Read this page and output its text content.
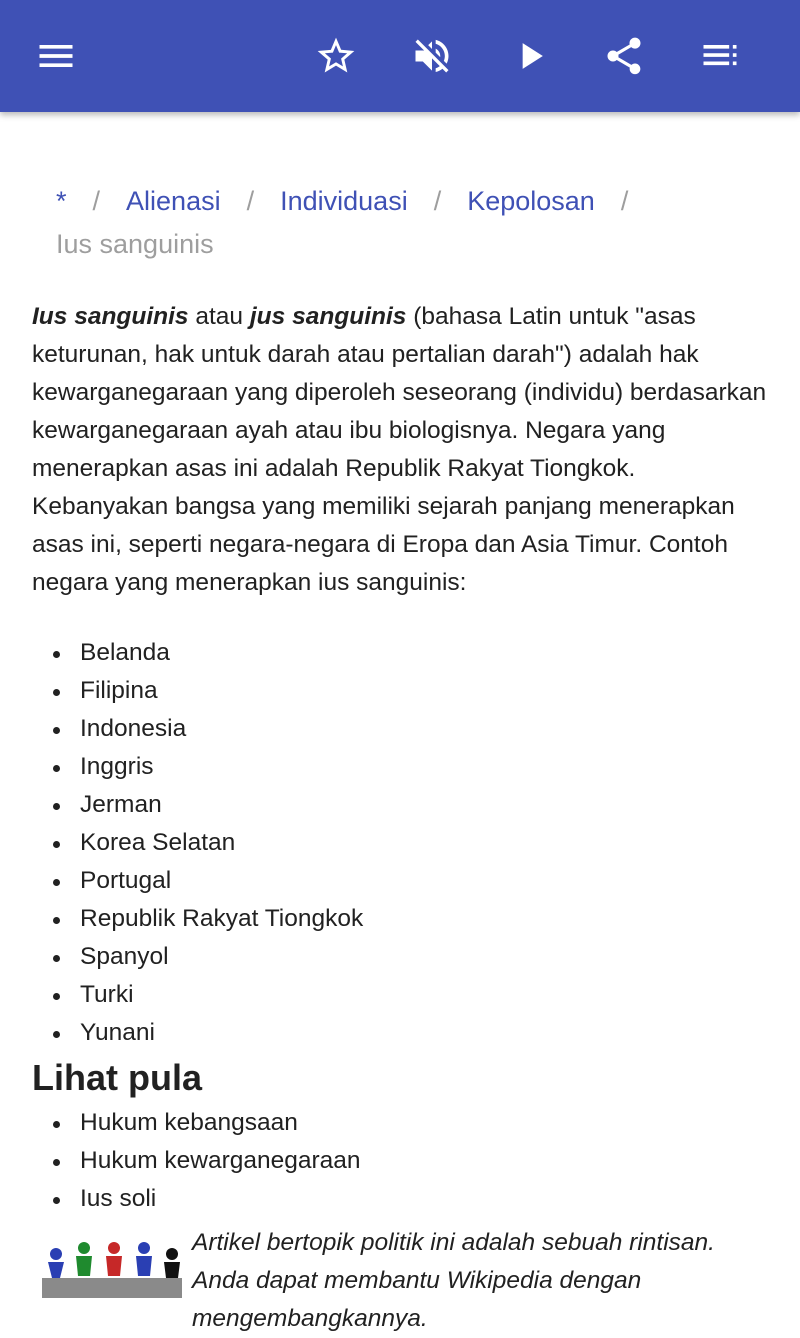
* / Alienasi / Individuasi / Kepolosan /
Ius sanguinis

Ius sanguinis atau jus sanguinis (bahasa Latin untuk "asas keturunan, hak untuk darah atau pertalian darah") adalah hak kewarganegaraan yang diperoleh seseorang (individu) berdasarkan kewarganegaraan ayah atau ibu biologisnya. Negara yang menerapkan asas ini adalah Republik Rakyat Tiongkok. Kebanyakan bangsa yang memiliki sejarah panjang menerapkan asas ini, seperti negara-negara di Eropa dan Asia Timur. Contoh negara yang menerapkan ius sanguinis:

Belanda
Filipina
Indonesia
Inggris
Jerman
Korea Selatan
Portugal
Republik Rakyat Tiongkok
Spanyol
Turki
Yunani
Lihat pula
Hukum kebangsaan
Hukum kewarganegaraan
Ius soli
Artikel bertopik politik ini adalah sebuah rintisan. Anda dapat membantu Wikipedia dengan mengembangkannya.
